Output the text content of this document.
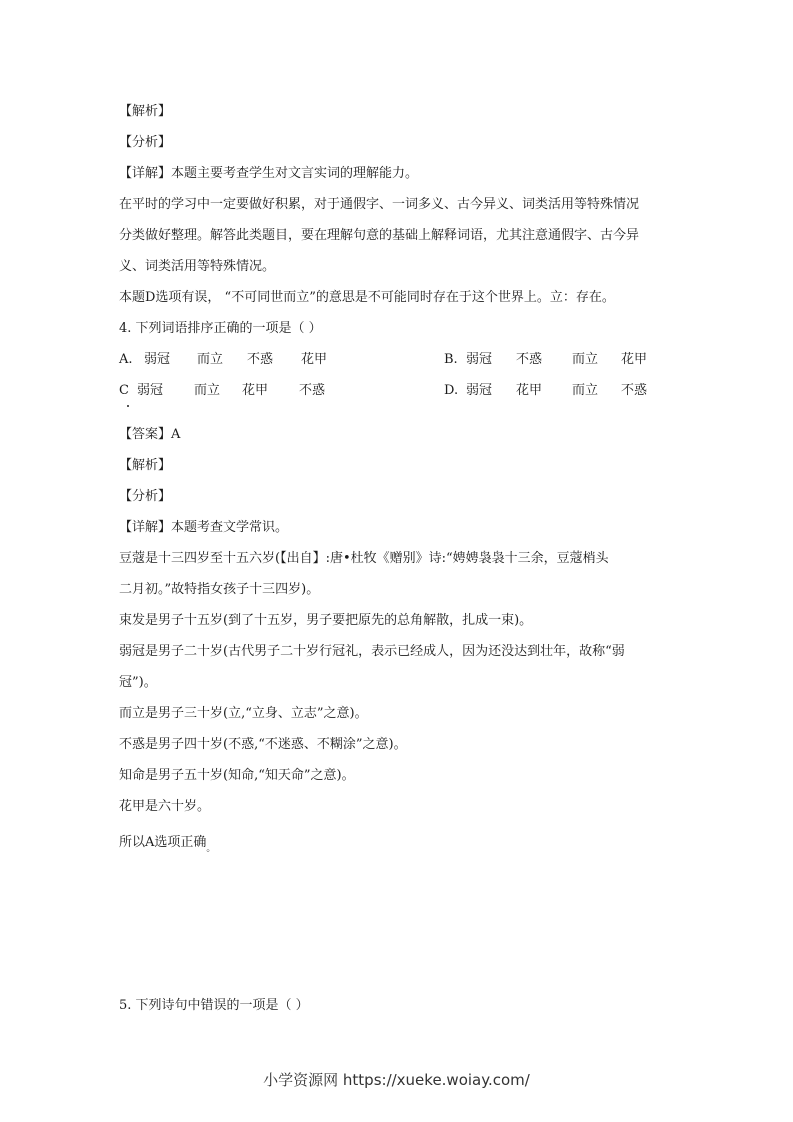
【解析】
【分析】
【详解】本题主要考查学生对文言实词的理解能力。
在平时的学习中一定要做好积累，对于通假字、一词多义、古今异义、词类活用等特殊情况
分类做好整理。解答此类题目，要在理解句意的基础上解释词语，尤其注意通假字、古今异
义、词类活用等特殊情况。
本题D选项有误， “不可同世而立”的意思是不可能同时存在于这个世界上。立：存在。
4. 下列词语排序正确的一项是（ ）
A. 弱冠 而立 不惑 花甲	B. 弱冠 不惑 而立 花甲
C 弱冠 而立 花甲 不惑	D. 弱冠 花甲 而立 不惑
【答案】A
【解析】
【分析】
【详解】本题考查文学常识。
豆蔻是十三四岁至十五六岁(【出自】:唐•杜牧《赠别》诗:“娉娉袅袅十三余，豆蔻梢头
二月初。”故特指女孩子十三四岁)。
束发是男子十五岁(到了十五岁，男子要把原先的总角解散，扎成一束)。
弱冠是男子二十岁(古代男子二十岁行冠礼，表示已经成人，因为还没达到壮年，故称“弱
冠”)。
而立是男子三十岁(立,“立身、立志”之意)。
不惑是男子四十岁(不惑,“不迷惑、不糊涂”之意)。
知命是男子五十岁(知命,“知天命”之意)。
花甲是六十岁。
所以A选项正确$_。$
5. 下列诗句中错误的一项是（ ）
小学资源网 https://xueke.woiay.com/
